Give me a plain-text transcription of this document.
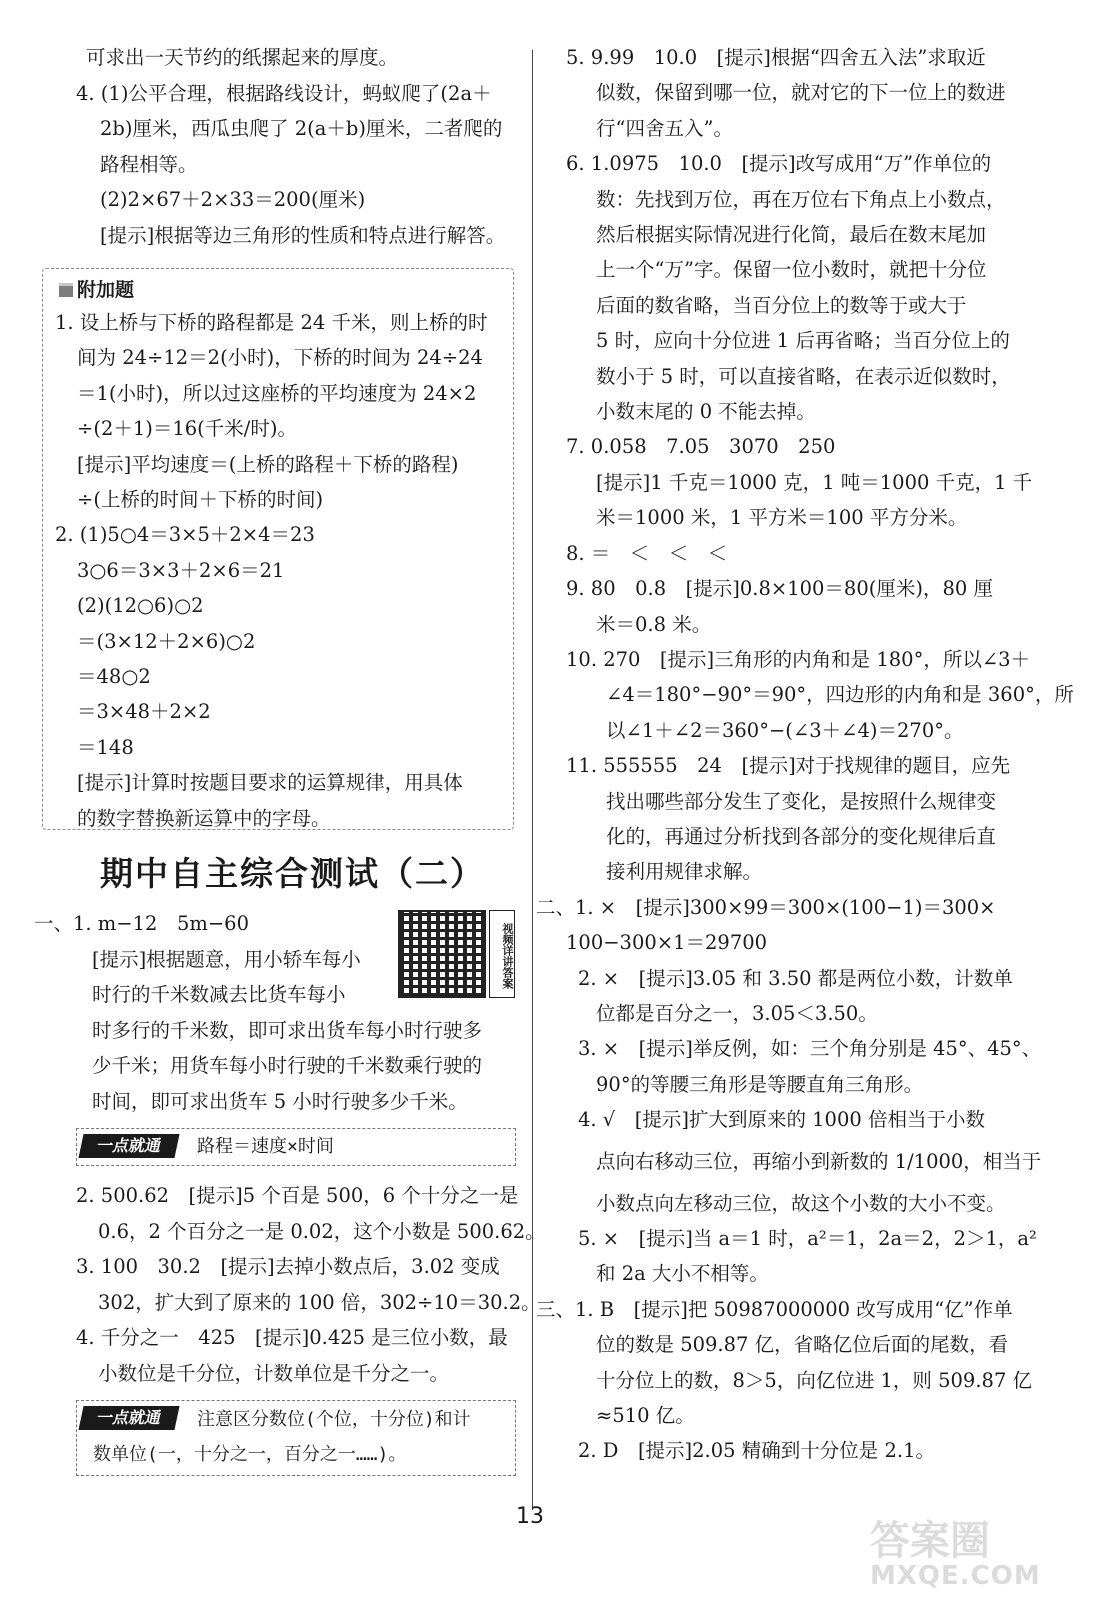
可求出一天节约的纸摞起来的厚度。
4. (1)公平合理，根据路线设计，蚂蚁爬了(2a＋
2b)厘米，西瓜虫爬了 2(a＋b)厘米，二者爬的
路程相等。
(2)2×67＋2×33＝200(厘米)
[提示]根据等边三角形的性质和特点进行解答。
附加题
1. 设上桥与下桥的路程都是 24 千米，则上桥的时
间为 24÷12＝2(小时)，下桥的时间为 24÷24
＝1(小时)，所以过这座桥的平均速度为 24×2
÷(2＋1)＝16(千米/时)。
[提示]平均速度＝(上桥的路程＋下桥的路程)
÷(上桥的时间＋下桥的时间)
2. (1)5○4＝3×5＋2×4＝23
3○6＝3×3＋2×6＝21
(2)(12○6)○2
＝(3×12＋2×6)○2
＝48○2
＝3×48＋2×2
＝148
[提示]计算时按题目要求的运算规律，用具体
的数字替换新运算中的字母。
期中自主综合测试（二）
一、1. m−12　5m−60
[提示]根据题意，用小轿车每小
时行的千米数减去比货车每小
时多行的千米数，即可求出货车每小时行驶多
少千米；用货车每小时行驶的千米数乘行驶的
时间，即可求出货车 5 小时行驶多少千米。
视频详讲答案
一点就通	路程＝速度×时间
2. 500.62　[提示]5 个百是 500，6 个十分之一是
0.6，2 个百分之一是 0.02，这个小数是 500.62。
3. 100　30.2　[提示]去掉小数点后，3.02 变成
302，扩大到了原来的 100 倍，302÷10＝30.2。
4. 千分之一　425　[提示]0.425 是三位小数，最
小数位是千分位，计数单位是千分之一。
一点就通	注意区分数位(个位，十分位)和计
数单位(一，十分之一，百分之一……)。
5. 9.99　10.0　[提示]根据“四舍五入法”求取近
似数，保留到哪一位，就对它的下一位上的数进
行“四舍五入”。
6. 1.0975　10.0　[提示]改写成用“万”作单位的
数：先找到万位，再在万位右下角点上小数点，
然后根据实际情况进行化简，最后在数末尾加
上一个“万”字。保留一位小数时，就把十分位
后面的数省略，当百分位上的数等于或大于
5 时，应向十分位进 1 后再省略；当百分位上的
数小于 5 时，可以直接省略，在表示近似数时，
小数末尾的 0 不能去掉。
7. 0.058　7.05　3070　250
[提示]1 千克＝1000 克，1 吨＝1000 千克，1 千
米＝1000 米，1 平方米＝100 平方分米。
8. ＝　＜　＜　＜
9. 80　0.8　[提示]0.8×100＝80(厘米)，80 厘
米＝0.8 米。
10. 270　[提示]三角形的内角和是 180°，所以∠3＋
∠4＝180°−90°＝90°，四边形的内角和是 360°，所
以∠1＋∠2＝360°−(∠3＋∠4)＝270°。
11. 555555　24　[提示]对于找规律的题目，应先
找出哪些部分发生了变化，是按照什么规律变
化的，再通过分析找到各部分的变化规律后直
接利用规律求解。
二、1. ×　[提示]300×99＝300×(100−1)＝300×
100−300×1＝29700
2. ×　[提示]3.05 和 3.50 都是两位小数，计数单
位都是百分之一，3.05＜3.50。
3. ×　[提示]举反例，如：三个角分别是 45°、45°、
90°的等腰三角形是等腰直角三角形。
4. √　[提示]扩大到原来的 1000 倍相当于小数
点向右移动三位，再缩小到新数的 1/1000，相当于
小数点向左移动三位，故这个小数的大小不变。
5. ×　[提示]当 a＝1 时，a²＝1，2a＝2，2＞1，a²
和 2a 大小不相等。
三、1. B　[提示]把 50987000000 改写成用“亿”作单
位的数是 509.87 亿，省略亿位后面的尾数，看
十分位上的数，8＞5，向亿位进 1，则 509.87 亿
≈510 亿。
2. D　[提示]2.05 精确到十分位是 2.1。
13
答案圈
MXQE.COM
